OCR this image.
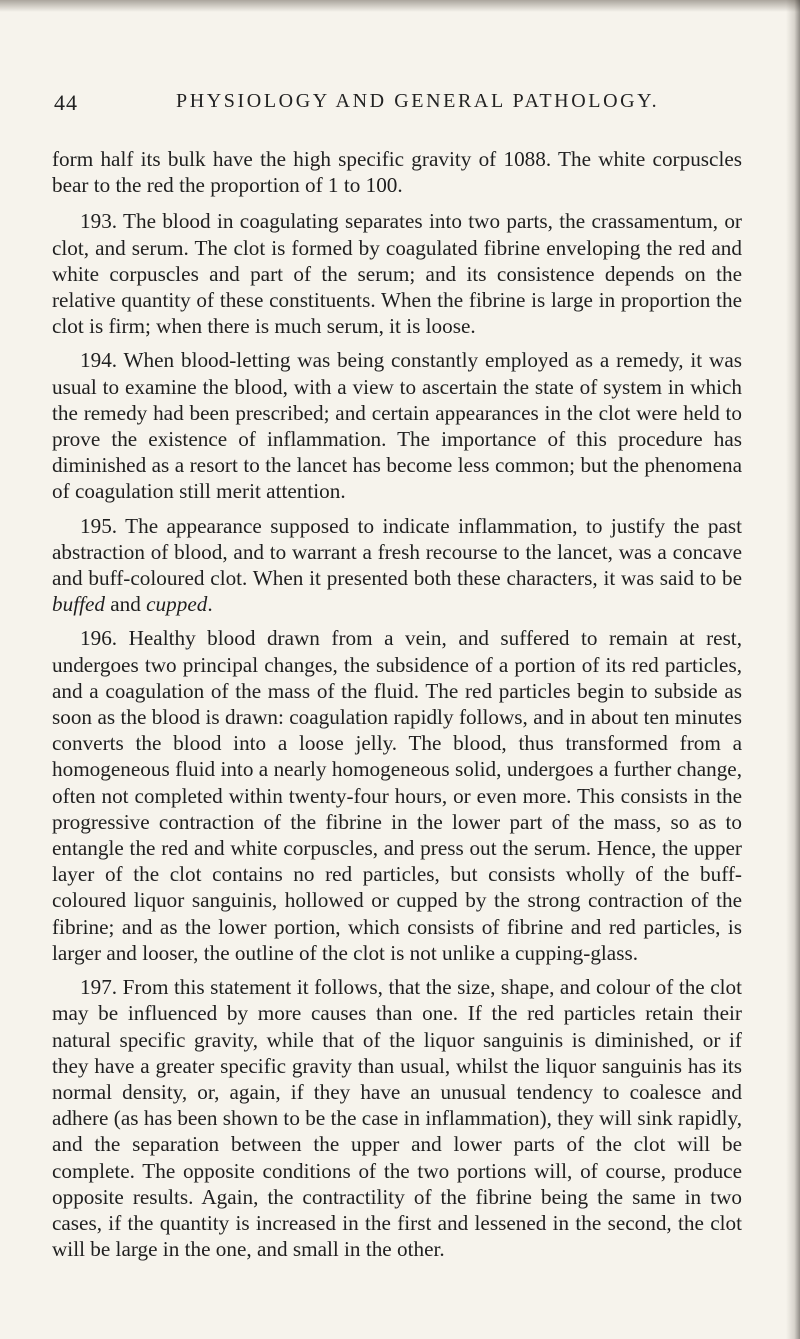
44	PHYSIOLOGY AND GENERAL PATHOLOGY.

form half its bulk have the high specific gravity of 1088. The white corpuscles bear to the red the proportion of 1 to 100.

193. The blood in coagulating separates into two parts, the crassamentum, or clot, and serum. The clot is formed by coagulated fibrine enveloping the red and white corpuscles and part of the serum; and its consistence depends on the relative quantity of these constituents. When the fibrine is large in proportion the clot is firm; when there is much serum, it is loose.

194. When blood-letting was being constantly employed as a remedy, it was usual to examine the blood, with a view to ascertain the state of system in which the remedy had been prescribed; and certain appearances in the clot were held to prove the existence of inflammation. The importance of this procedure has diminished as a resort to the lancet has become less common; but the phenomena of coagulation still merit attention.

195. The appearance supposed to indicate inflammation, to justify the past abstraction of blood, and to warrant a fresh recourse to the lancet, was a concave and buff-coloured clot. When it presented both these characters, it was said to be buffed and cupped.

196. Healthy blood drawn from a vein, and suffered to remain at rest, undergoes two principal changes, the subsidence of a portion of its red particles, and a coagulation of the mass of the fluid. The red particles begin to subside as soon as the blood is drawn: coagulation rapidly follows, and in about ten minutes converts the blood into a loose jelly. The blood, thus transformed from a homogeneous fluid into a nearly homogeneous solid, undergoes a further change, often not completed within twenty-four hours, or even more. This consists in the progressive contraction of the fibrine in the lower part of the mass, so as to entangle the red and white corpuscles, and press out the serum. Hence, the upper layer of the clot contains no red particles, but consists wholly of the buff-coloured liquor sanguinis, hollowed or cupped by the strong contraction of the fibrine; and as the lower portion, which consists of fibrine and red particles, is larger and looser, the outline of the clot is not unlike a cupping-glass.

197. From this statement it follows, that the size, shape, and colour of the clot may be influenced by more causes than one. If the red particles retain their natural specific gravity, while that of the liquor sanguinis is diminished, or if they have a greater specific gravity than usual, whilst the liquor sanguinis has its normal density, or, again, if they have an unusual tendency to coalesce and adhere (as has been shown to be the case in inflammation), they will sink rapidly, and the separation between the upper and lower parts of the clot will be complete. The opposite conditions of the two portions will, of course, produce opposite results. Again, the contractility of the fibrine being the same in two cases, if the quantity is increased in the first and lessened in the second, the clot will be large in the one, and small in the other.
